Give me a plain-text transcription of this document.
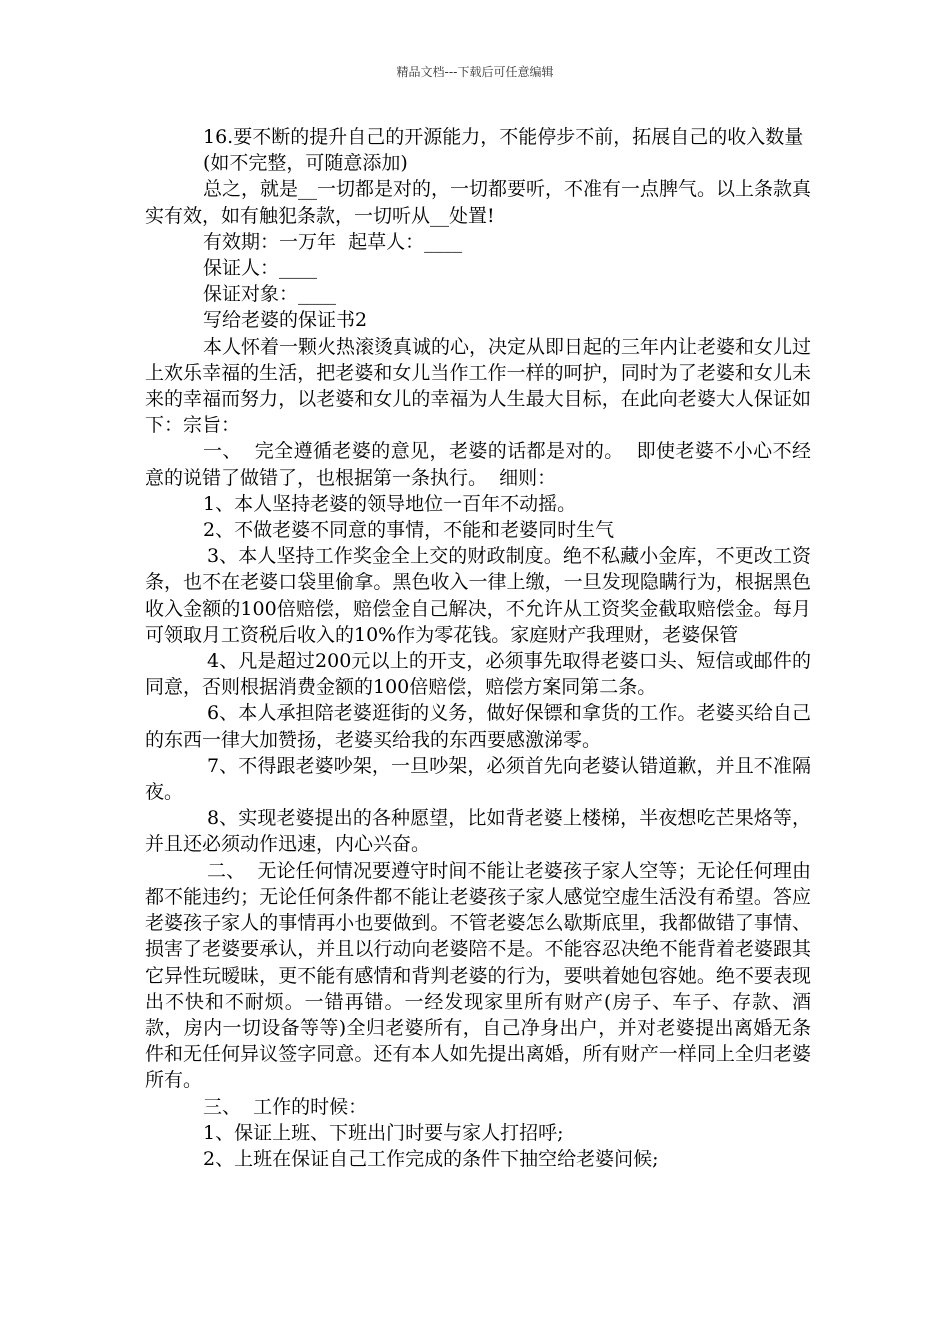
精品文档---下载后可任意编辑

16.要不断的提升自己的开源能力，不能停步不前，拓展自己的收入数量

(如不完整，可随意添加)

总之，就是__一切都是对的，一切都要听，不准有一点脾气。以上条款真实有效，如有触犯条款，一切听从__处置!

有效期：一万年  起草人：____

保证人：____

保证对象：____

写给老婆的保证书2

本人怀着一颗火热滚烫真诚的心，决定从即日起的三年内让老婆和女儿过上欢乐幸福的生活，把老婆和女儿当作工作一样的呵护，同时为了老婆和女儿未来的幸福而努力，以老婆和女儿的幸福为人生最大目标，在此向老婆大人保证如下：宗旨：

一、  完全遵循老婆的意见，老婆的话都是对的。  即使老婆不小心不经意的说错了做错了，也根据第一条执行。  细则：

1、本人坚持老婆的领导地位一百年不动摇。

2、不做老婆不同意的事情，不能和老婆同时生气

3、本人坚持工作奖金全上交的财政制度。绝不私藏小金库，不更改工资条，也不在老婆口袋里偷拿。黑色收入一律上缴，一旦发现隐瞒行为，根据黑色收入金额的100倍赔偿，赔偿金自己解决，不允许从工资奖金截取赔偿金。每月可领取月工资税后收入的10%作为零花钱。家庭财产我理财，老婆保管

4、凡是超过200元以上的开支，必须事先取得老婆口头、短信或邮件的同意，否则根据消费金额的100倍赔偿，赔偿方案同第二条。

6、本人承担陪老婆逛街的义务，做好保镖和拿货的工作。老婆买给自己的东西一律大加赞扬，老婆买给我的东西要感激涕零。

7、不得跟老婆吵架，一旦吵架，必须首先向老婆认错道歉，并且不准隔夜。

8、实现老婆提出的各种愿望，比如背老婆上楼梯，半夜想吃芒果烙等，并且还必须动作迅速，内心兴奋。

二、  无论任何情况要遵守时间不能让老婆孩子家人空等；无论任何理由都不能违约；无论任何条件都不能让老婆孩子家人感觉空虚生活没有希望。答应老婆孩子家人的事情再小也要做到。不管老婆怎么歇斯底里，我都做错了事情、损害了老婆要承认，并且以行动向老婆陪不是。不能容忍决绝不能背着老婆跟其它异性玩暧昧，更不能有感情和背判老婆的行为，要哄着她包容她。绝不要表现出不快和不耐烦。一错再错。一经发现家里所有财产(房子、车子、存款、酒款，房内一切设备等等)全归老婆所有，自己净身出户，并对老婆提出离婚无条件和无任何异议签字同意。还有本人如先提出离婚，所有财产一样同上全归老婆所有。

三、  工作的时候：

1、保证上班、下班出门时要与家人打招呼;

2、上班在保证自己工作完成的条件下抽空给老婆问候;
